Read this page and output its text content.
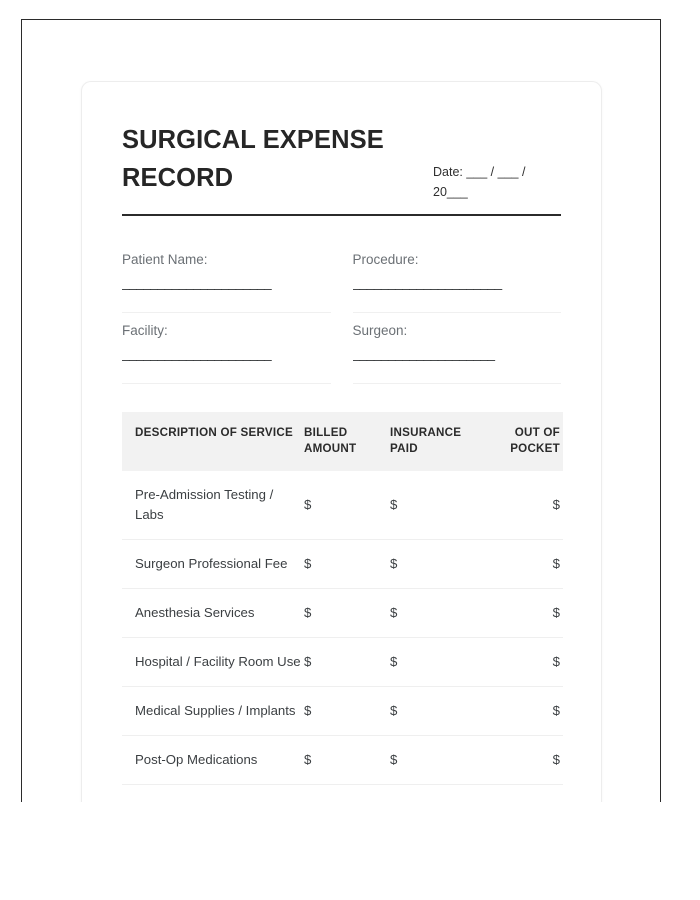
SURGICAL EXPENSE RECORD	Date: ___ / ___ / 20___
Patient Name:
_____________________
Procedure:
_____________________
Facility:
_____________________
Surgeon:
____________________
DESCRIPTION OF SERVICE	BILLED AMOUNT	INSURANCE PAID	OUT OF POCKET
Pre-Admission Testing / Labs	$	$	$
Surgeon Professional Fee	$	$	$
Anesthesia Services	$	$	$
Hospital / Facility Room Use	$	$	$
Medical Supplies / Implants	$	$	$
Post-Op Medications	$	$	$
